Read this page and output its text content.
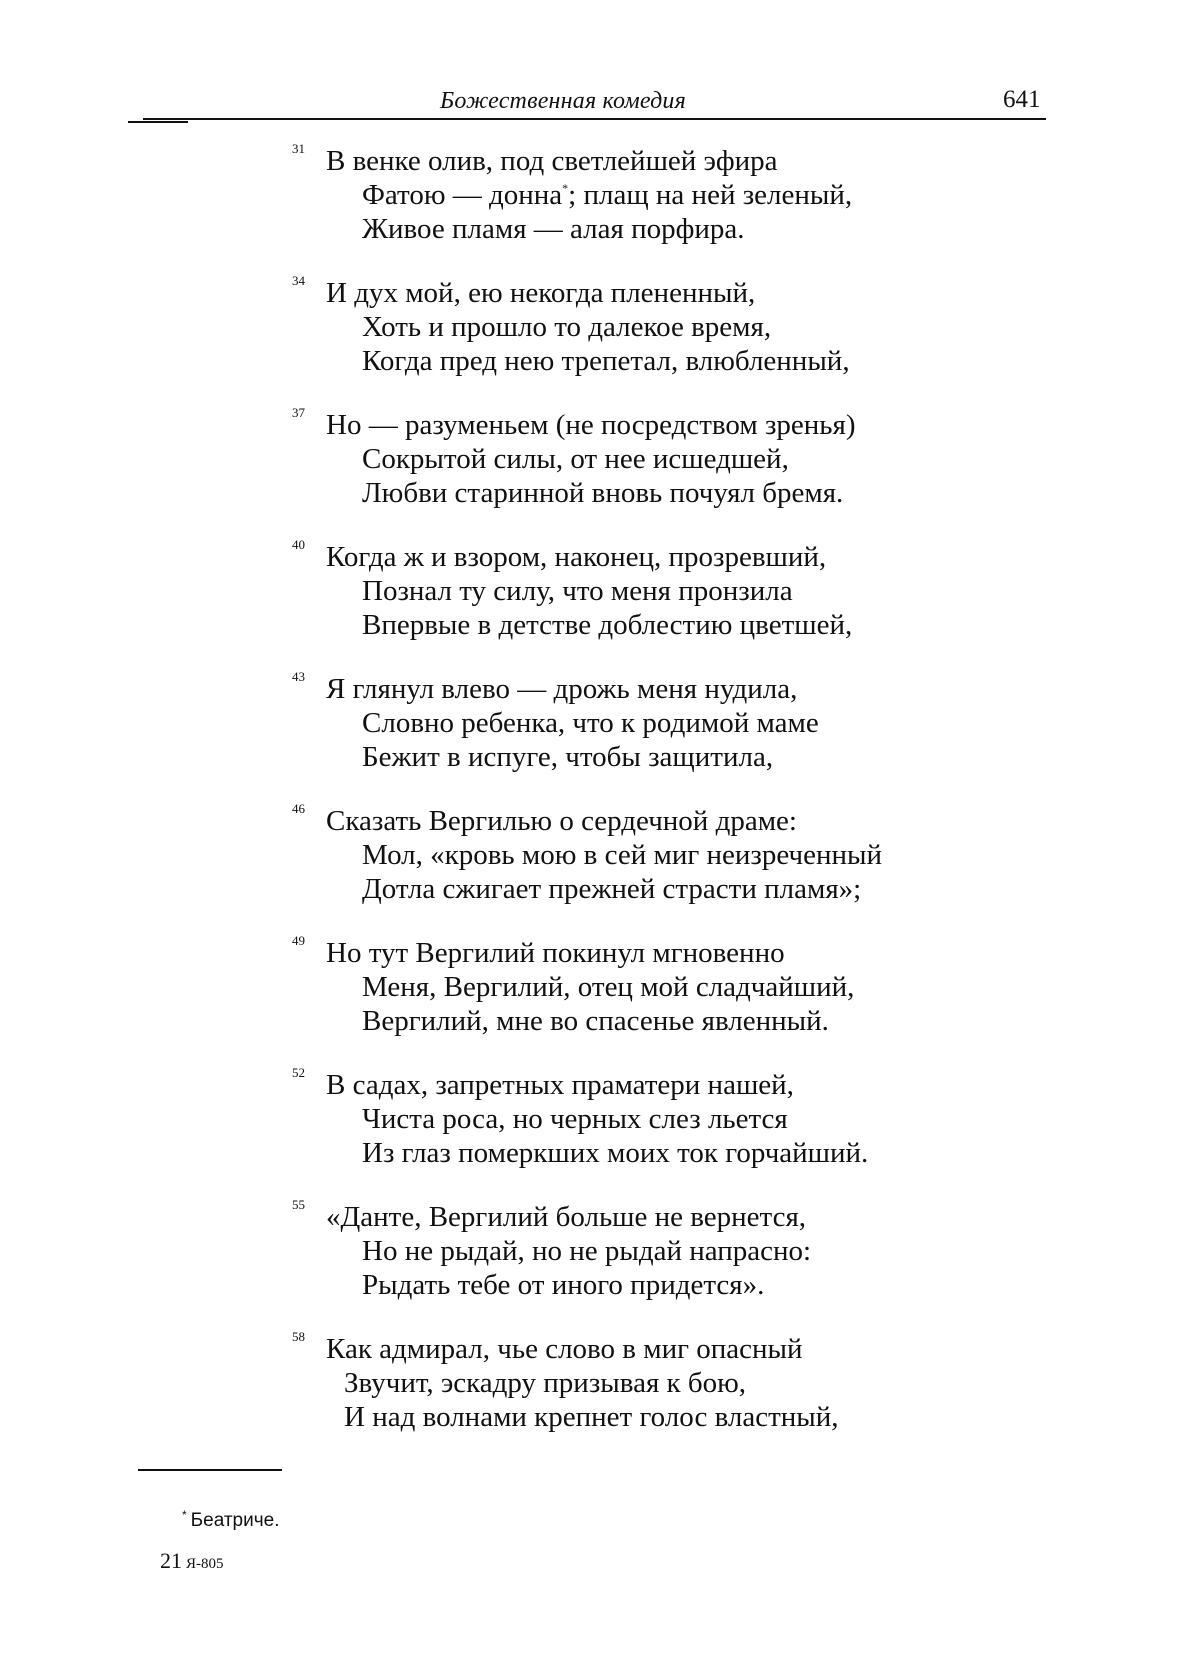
Божественная комедия	641
31 В венке олив, под светлейшей эфира
Фатою — донна*; плащ на ней зеленый,
Живое пламя — алая порфира.
34 И дух мой, ею некогда плененный,
Хоть и прошло то далекое время,
Когда пред нею трепетал, влюбленный,
37 Но — разуменьем (не посредством зренья)
Сокрытой силы, от нее исшедшей,
Любви старинной вновь почуял бремя.
40 Когда ж и взором, наконец, прозревший,
Познал ту силу, что меня пронзила
Впервые в детстве доблестию цветшей,
43 Я глянул влево — дрожь меня нудила,
Словно ребенка, что к родимой маме
Бежит в испуге, чтобы защитила,
46 Сказать Вергилью о сердечной драме:
Мол, «кровь мою в сей миг неизреченный
Дотла сжигает прежней страсти пламя»;
49 Но тут Вергилий покинул мгновенно
Меня, Вергилий, отец мой сладчайший,
Вергилий, мне во спасенье явленный.
52 В садах, запретных праматери нашей,
Чиста роса, но черных слез льется
Из глаз померкших моих ток горчайший.
55 «Данте, Вергилий больше не вернется,
Но не рыдай, но не рыдай напрасно:
Рыдать тебе от иного придется».
58 Как адмирал, чье слово в миг опасный
Звучит, эскадру призывая к бою,
И над волнами крепнет голос властный,
* Беатриче.
21 Я-805
